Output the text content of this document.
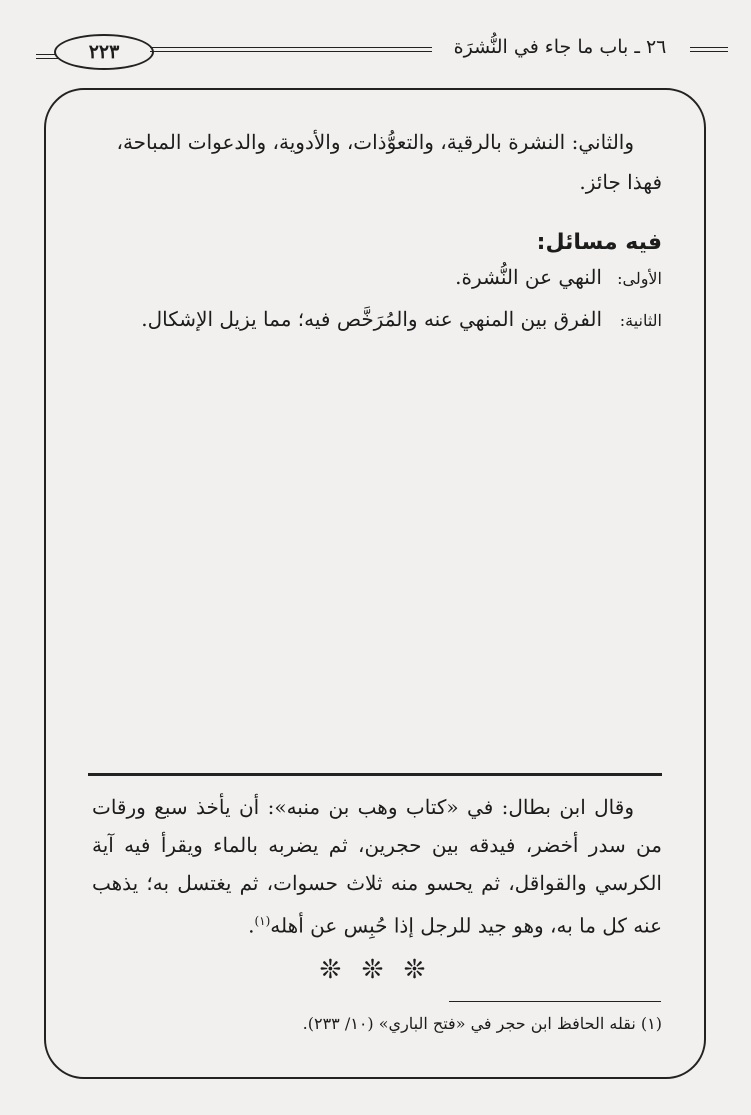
٢٢٣	٢٦ ـ باب ما جاء في النُّشرَة
والثاني: النشرة بالرقية، والتعوُّذات، والأدوية، والدعوات المباحة،
فهذا جائز.
فيه مسائل:
الأولى:
النهي عن النُّشرة.
الثانية:
الفرق بين المنهي عنه والمُرَخَّص فيه؛ مما يزيل الإشكال.
وقال ابن بطال: في «كتاب وهب بن منبه»: أن يأخذ سبع ورقات من سدر أخضر، فيدقه بين حجرين، ثم يضربه بالماء ويقرأ فيه آية الكرسي والقواقل، ثم يحسو منه ثلاث حسوات، ثم يغتسل به؛ يذهب عنه كل ما به، وهو جيد للرجل إذا حُبِس عن أهله$^{(١)}$.
❊ ❊ ❊
(١) نقله الحافظ ابن حجر في «فتح الباري» (١٠/ ٢٣٣).
